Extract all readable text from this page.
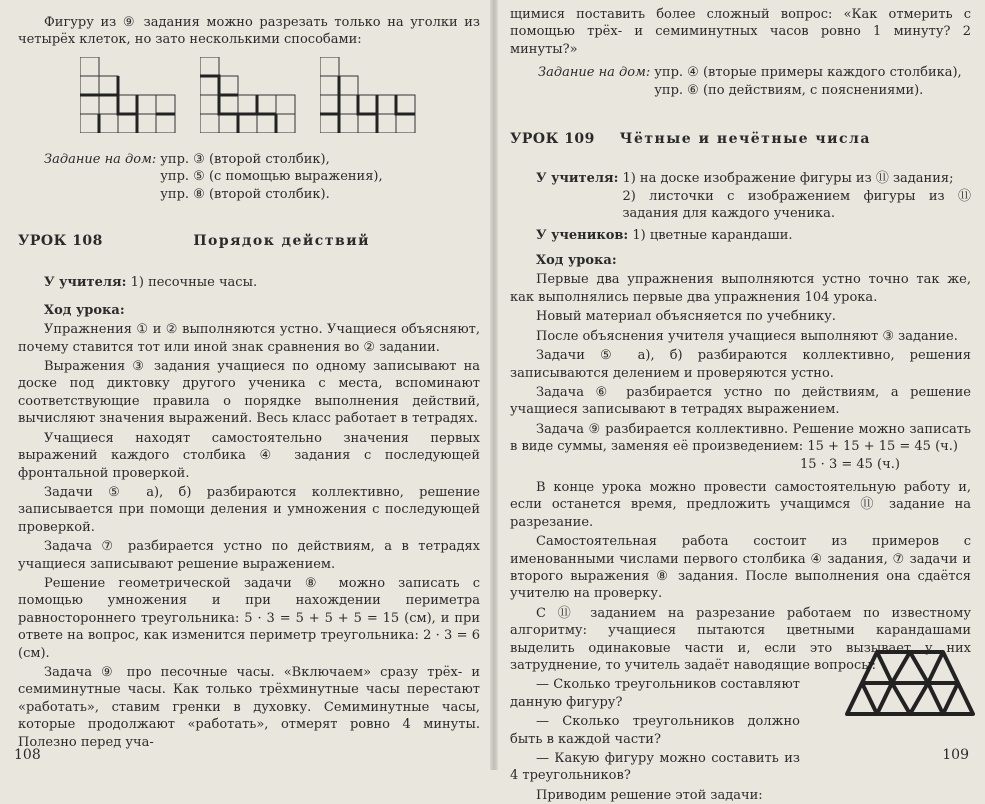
Фигуру из ⑨ задания можно разрезать только на уголки из четырёх клеток, но зато несколькими способами:

Задание на дом: упр. ③ (второй столбик),
упр. ⑤ (с помощью выражения),
упр. ⑧ (второй столбик).
УРОК 108	Порядок действий

У учителя: 1) песочные часы.

Ход урока:

Упражнения ① и ② выполняются устно. Учащиеся объясняют, почему ставится тот или иной знак сравнения во ② задании.

Выражения ③ задания учащиеся по одному записывают на доске под диктовку другого ученика с места, вспоминают соответствующие правила о порядке выполнения действий, вычисляют значения выражений. Весь класс работает в тетрадях.

Учащиеся находят самостоятельно значения первых выражений каждого столбика ④ задания с последующей фронтальной проверкой.

Задачи ⑤ а), б) разбираются коллективно, решение записывается при помощи деления и умножения с последующей проверкой.

Задача ⑦ разбирается устно по действиям, а в тетрадях учащиеся записывают решение выражением.

Решение геометрической задачи ⑧ можно записать с помощью умножения и при нахождении периметра равностороннего треугольника: 5 · 3 = 5 + 5 + 5 = 15 (см), и при ответе на вопрос, как изменится периметр треугольника: 2 · 3 = 6 (см).

Задача ⑨ про песочные часы. «Включаем» сразу трёх- и семиминутные часы. Как только трёхминутные часы перестают «работать», ставим гренки в духовку. Семиминутные часы, которые продолжают «работать», отмерят ровно 4 минуты. Полезно перед уча-

108

щимися поставить более сложный вопрос: «Как отмерить с помощью трёх- и семиминутных часов ровно 1 минуту? 2 минуты?»

Задание на дом: упр. ④ (вторые примеры каждого столбика),
упр. ⑥ (по действиям, с пояснениями).
УРОК 109 Чётные и нечётные числа
У учителя: 1) на доске изображение фигуры из ⑪ задания;
2) листочки с изображением фигуры из ⑪ задания для каждого ученика.

У учеников: 1) цветные карандаши.

Ход урока:

Первые два упражнения выполняются устно точно так же, как выполнялись первые два упражнения 104 урока.

Новый материал объясняется по учебнику.

После объяснения учителя учащиеся выполняют ③ задание.

Задачи ⑤ а), б) разбираются коллективно, решения записываются делением и проверяются устно.

Задача ⑥ разбирается устно по действиям, а решение учащиеся записывают в тетрадях выражением.

Задача ⑨ разбирается коллективно. Решение можно записать в виде суммы, заменяя её произведением: 15 + 15 + 15 = 45 (ч.)

15 · 3 = 45 (ч.)

В конце урока можно провести самостоятельную работу и, если останется время, предложить учащимся ⑪ задание на разрезание.

Самостоятельная работа состоит из примеров с именованными числами первого столбика ④ задания, ⑦ задачи и второго выражения ⑧ задания. После выполнения она сдаётся учителю на проверку.

С ⑪ заданием на разрезание работаем по известному алгоритму: учащиеся пытаются цветными карандашами выделить одинаковые части и, если это вызывает у них затруднение, то учитель задаёт наводящие вопросы:

— Сколько треугольников составляют данную фигуру?

— Сколько треугольников должно быть в каждой части?

— Какую фигуру можно составить из 4 треугольников?

Приводим решение этой задачи:

109
